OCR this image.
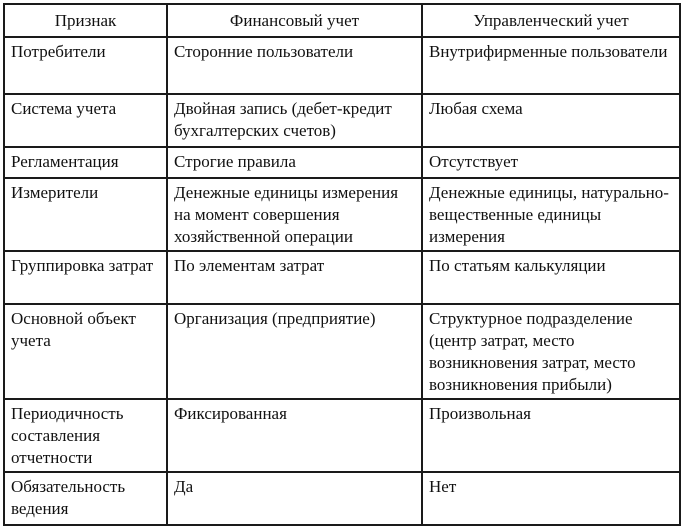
Признак	Финансовый учет	Управленческий учет
Потребители	Сторонние пользователи	Внутрифирменные пользователи
Система учета	Двойная запись (дебет-кредит бухгалтерских счетов)	Любая схема
Регламентация	Строгие правила	Отсутствует
Измерители	Денежные единицы измерения на момент совершения хозяйственной операции	Денежные единицы, натурально-вещественные единицы измерения
Группировка затрат	По элементам затрат	По статьям калькуляции
Основной объект учета	Организация (предприятие)	Структурное подразделение (центр затрат, место возникновения затрат, место возникновения прибыли)
Периодичность составления отчетности	Фиксированная	Произвольная
Обязательность ведения	Да	Нет
